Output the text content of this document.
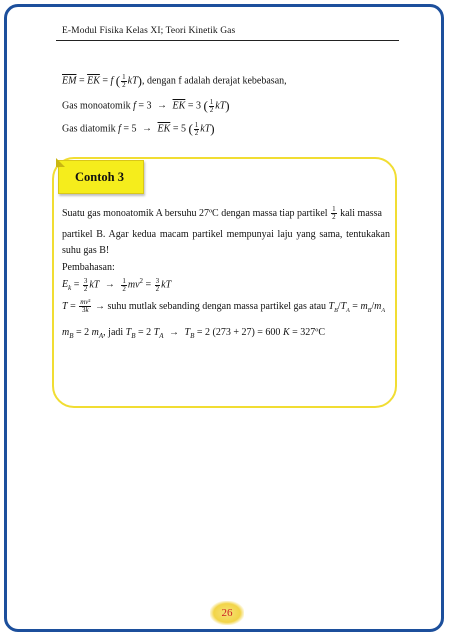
E-Modul Fisika Kelas XI; Teori Kinetik Gas
$\overline{EM} = \overline{EK} = f$ ( $\frac{1}{2} kT$), dengan f adalah derajat kebebasan,
Gas monoatomik $f = 3 \to \overline{EK} = 3$ ( $\frac{1}{2} kT$)
Gas diatomik $f = 5 \to \overline{EK} = 5$ ( $\frac{1}{2} kT$)
Contoh 3
Suatu gas monoatomik A bersuhu 27ºC dengan massa tiap partikel $\frac{1}{2}$ kali massa
partikel B. Agar kedua macam partikel mempunyai laju yang sama, tentukakan suhu gas B!
Pembahasan:
$E_k = \frac{3}{2}$ kT → $\frac{1}{2} mv^2 = \frac{3}{2}$ kT
$T = \frac{\text{mv²}}{3k}$ → suhu mutlak sebanding dengan massa partikel gas atau $T_B/T_A = m_B/m_A$
$m_B = 2$ $m_A$, jadi $T_B = 2$ $T_A \to T_B = 2$ (273 + 27) = 600 K = 327ºC
26
